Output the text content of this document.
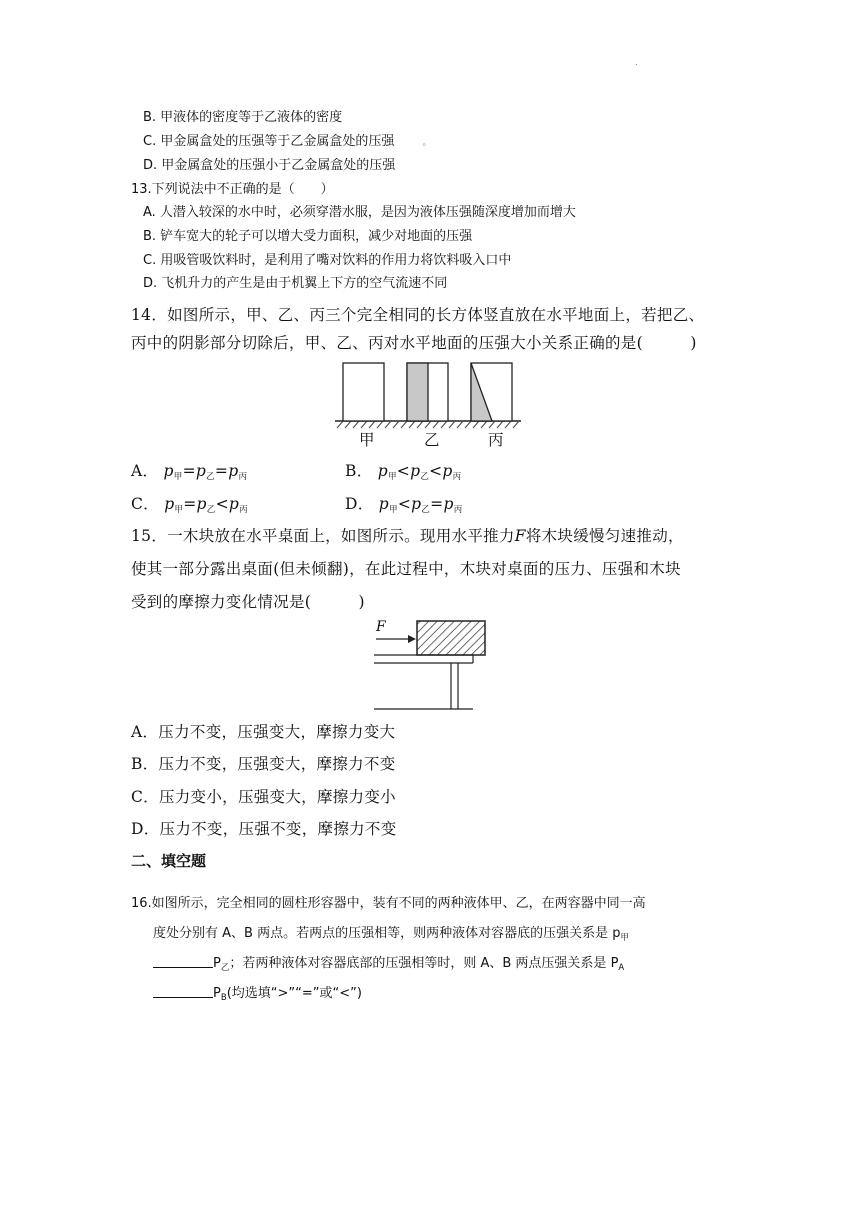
.
B. 甲液体的密度等于乙液体的密度
C. 甲金属盒处的压强等于乙金属盒处的压强	。
D. 甲金属盒处的压强小于乙金属盒处的压强
13.下列说法中不正确的是（　　）
A. 人潜入较深的水中时，必须穿潜水服，是因为液体压强随深度增加而增大
B. 铲车宽大的轮子可以增大受力面积，减少对地面的压强
C. 用吸管吸饮料时，是利用了嘴对饮料的作用力将饮料吸入口中
D. 飞机升力的产生是由于机翼上下方的空气流速不同
14．如图所示，甲、乙、丙三个完全相同的长方体竖直放在水平地面上，若把乙、
丙中的阴影部分切除后，甲、乙、丙对水平地面的压强大小关系正确的是(　　　)
甲	乙	丙
A． $p_甲=p_乙=p_丙$	B． $p_甲<p_乙<p_丙$
C． $p_甲=p_乙<p_丙$	D． $p_甲<p_乙=p_丙$
15．一木块放在水平桌面上，如图所示。现用水平推力F将木块缓慢匀速推动，
使其一部分露出桌面(但未倾翻)，在此过程中，木块对桌面的压力、压强和木块
受到的摩擦力变化情况是(　　　)
F
A．压力不变，压强变大，摩擦力变大
B．压力不变，压强变大，摩擦力不变
C．压力变小，压强变大，摩擦力变小
D．压力不变，压强不变，摩擦力不变
二、填空题
16.如图所示，完全相同的圆柱形容器中，装有不同的两种液体甲、乙，在两容器中同一高
度处分别有 A、B 两点。若两点的压强相等，则两种液体对容器底的压强关系是 $p_甲$
$P_乙$；若两种液体对容器底部的压强相等时，则 A、B 两点压强关系是 $P_A$
$P_B$(均选填“>”“=”或“<”)
